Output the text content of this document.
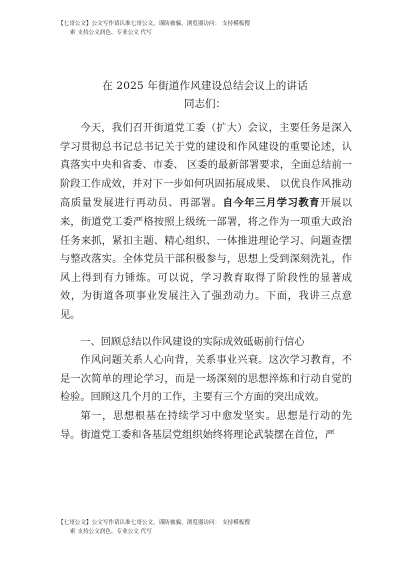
【七哥公文】公文写作请认准七哥公文，谨防被骗，浏览器访问： 支持模板搜
索 支持公文润色、专业公文 代写
在 2025 年街道作风建设总结会议上的讲话
同志们：

今天，我们召开街道党工委（扩大）会议，主要任务是深入学习贯彻总书记总书记关于党的建设和作风建设的重要论述，认真落实中央和省委、市委、 区委的最新部署要求，全面总结前一阶段工作成效，并对下一步如何巩固拓展成果、 以优良作风推动高质量发展进行再动员、再部署。自今年三月学习教育开展以来，街道党工委严格按照上级统一部署，将之作为一项重大政治任务来抓，紧扣主题、精心组织、一体推进理论学习、问题查摆与整改落实。全体党员干部积极参与，思想上受到深刻洗礼，作风上得到有力锤炼。可以说，学习教育取得了阶段性的显著成效，为街道各项事业发展注入了强劲动力。下面，我讲三点意见。

一、回顾总结以作风建设的实际成效砥砺前行信心

作风问题关系人心向背，关系事业兴衰。这次学习教育，不是一次简单的理论学习，而是一场深刻的思想淬炼和行动自觉的检验。回顾这几个月的工作，主要有三个方面的突出成效。

第一，思想根基在持续学习中愈发坚实。思想是行动的先导。街道党工委和各基层党组织始终将理论武装摆在首位，严

【七哥公文】公文写作请认准七哥公文，谨防被骗，浏览器访问： 支持模板搜
索 支持公文润色、专业公文 代写
